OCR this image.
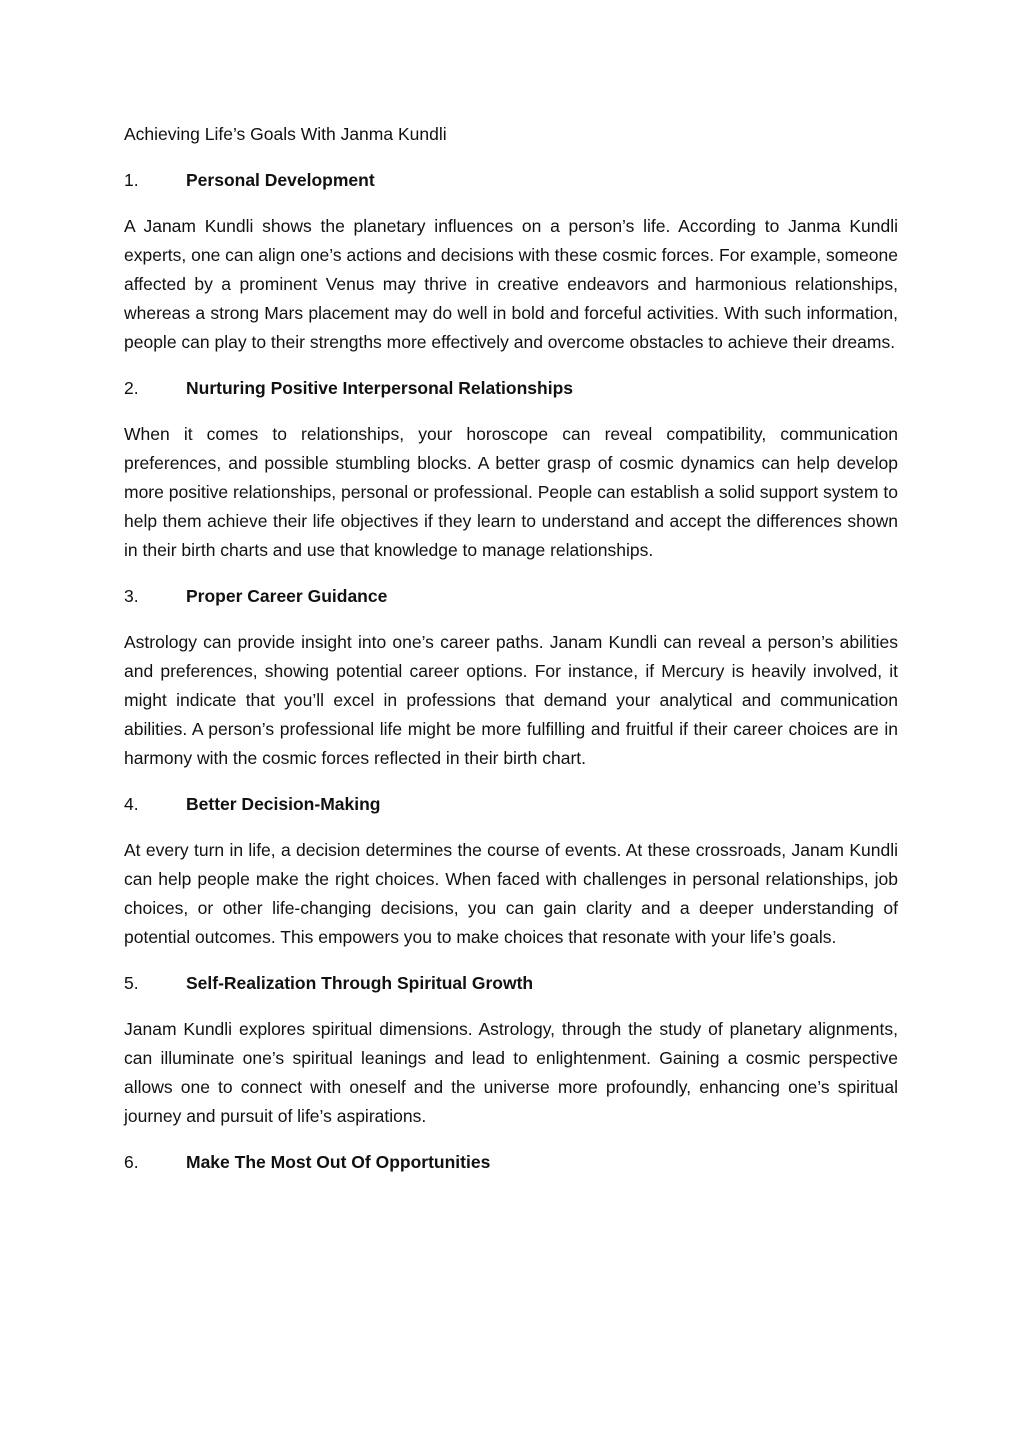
Achieving Life’s Goals With Janma Kundli

1.	Personal Development

A Janam Kundli shows the planetary influences on a person’s life. According to Janma Kundli experts, one can align one’s actions and decisions with these cosmic forces. For example, someone affected by a prominent Venus may thrive in creative endeavors and harmonious relationships, whereas a strong Mars placement may do well in bold and forceful activities. With such information, people can play to their strengths more effectively and overcome obstacles to achieve their dreams.

2.	Nurturing Positive Interpersonal Relationships

When it comes to relationships, your horoscope can reveal compatibility, communication preferences, and possible stumbling blocks. A better grasp of cosmic dynamics can help develop more positive relationships, personal or professional. People can establish a solid support system to help them achieve their life objectives if they learn to understand and accept the differences shown in their birth charts and use that knowledge to manage relationships.

3.	Proper Career Guidance

Astrology can provide insight into one’s career paths. Janam Kundli can reveal a person’s abilities and preferences, showing potential career options. For instance, if Mercury is heavily involved, it might indicate that you’ll excel in professions that demand your analytical and communication abilities. A person’s professional life might be more fulfilling and fruitful if their career choices are in harmony with the cosmic forces reflected in their birth chart.

4.	Better Decision-Making

At every turn in life, a decision determines the course of events. At these crossroads, Janam Kundli can help people make the right choices. When faced with challenges in personal relationships, job choices, or other life-changing decisions, you can gain clarity and a deeper understanding of potential outcomes. This empowers you to make choices that resonate with your life’s goals.

5.	Self-Realization Through Spiritual Growth

Janam Kundli explores spiritual dimensions. Astrology, through the study of planetary alignments, can illuminate one’s spiritual leanings and lead to enlightenment. Gaining a cosmic perspective allows one to connect with oneself and the universe more profoundly, enhancing one’s spiritual journey and pursuit of life’s aspirations.

6.	Make The Most Out Of Opportunities
